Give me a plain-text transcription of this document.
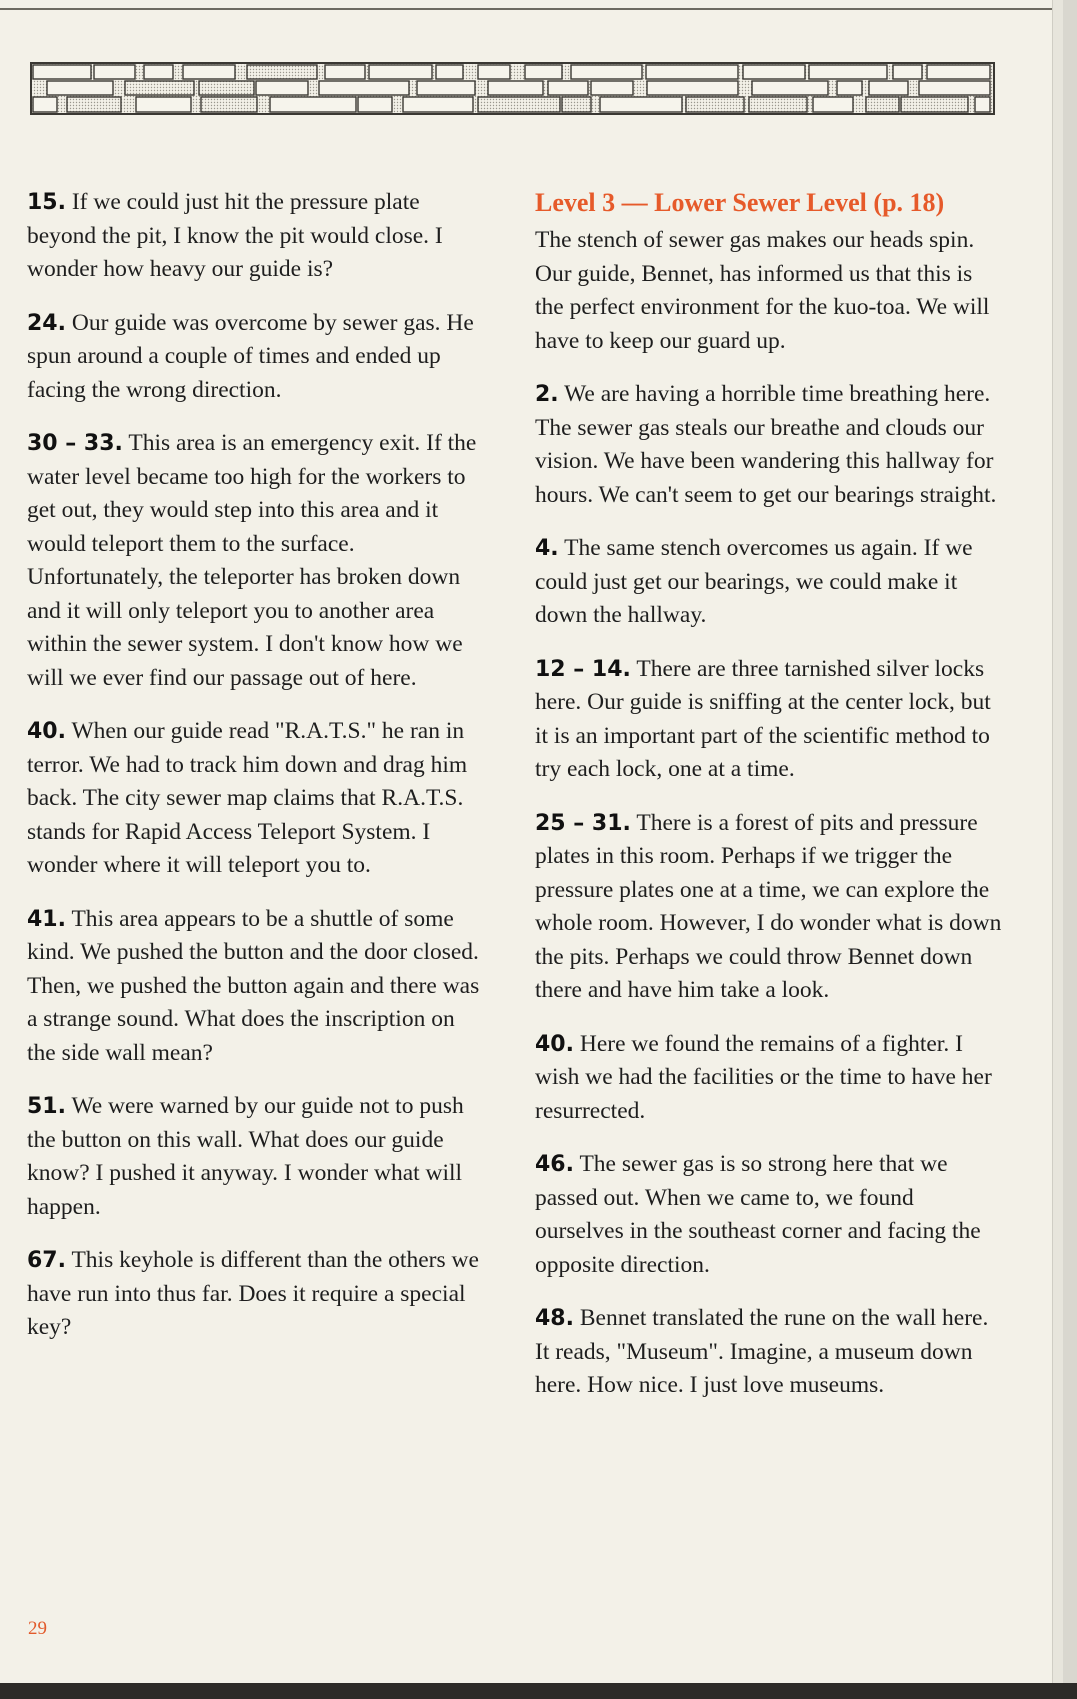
15. If we could just hit the pressure plate beyond the pit, I know the pit would close. I wonder how heavy our guide is?

24. Our guide was overcome by sewer gas. He spun around a couple of times and ended up facing the wrong direction.

30 – 33. This area is an emergency exit. If the water level became too high for the workers to get out, they would step into this area and it would teleport them to the surface. Unfortunately, the teleporter has broken down and it will only teleport you to another area within the sewer system. I don't know how we will we ever find our passage out of here.

40. When our guide read "R.A.T.S." he ran in terror. We had to track him down and drag him back. The city sewer map claims that R.A.T.S. stands for Rapid Access Teleport System. I wonder where it will teleport you to.

41. This area appears to be a shuttle of some kind. We pushed the button and the door closed. Then, we pushed the button again and there was a strange sound. What does the inscription on the side wall mean?

51. We were warned by our guide not to push the button on this wall. What does our guide know? I pushed it anyway. I wonder what will happen.

67. This keyhole is different than the others we have run into thus far. Does it require a special key?

Level 3 — Lower Sewer Level (p. 18)

The stench of sewer gas makes our heads spin. Our guide, Bennet, has informed us that this is the perfect environment for the kuo-toa. We will have to keep our guard up.

2. We are having a horrible time breathing here. The sewer gas steals our breathe and clouds our vision. We have been wandering this hallway for hours. We can't seem to get our bearings straight.

4. The same stench overcomes us again. If we could just get our bearings, we could make it down the hallway.

12 – 14. There are three tarnished silver locks here. Our guide is sniffing at the center lock, but it is an important part of the scientific method to try each lock, one at a time.

25 – 31. There is a forest of pits and pressure plates in this room. Perhaps if we trigger the pressure plates one at a time, we can explore the whole room. However, I do wonder what is down the pits. Perhaps we could throw Bennet down there and have him take a look.

40. Here we found the remains of a fighter. I wish we had the facilities or the time to have her resurrected.

46. The sewer gas is so strong here that we passed out. When we came to, we found ourselves in the southeast corner and facing the opposite direction.

48. Bennet translated the rune on the wall here. It reads, "Museum". Imagine, a museum down here. How nice. I just love museums.

29
